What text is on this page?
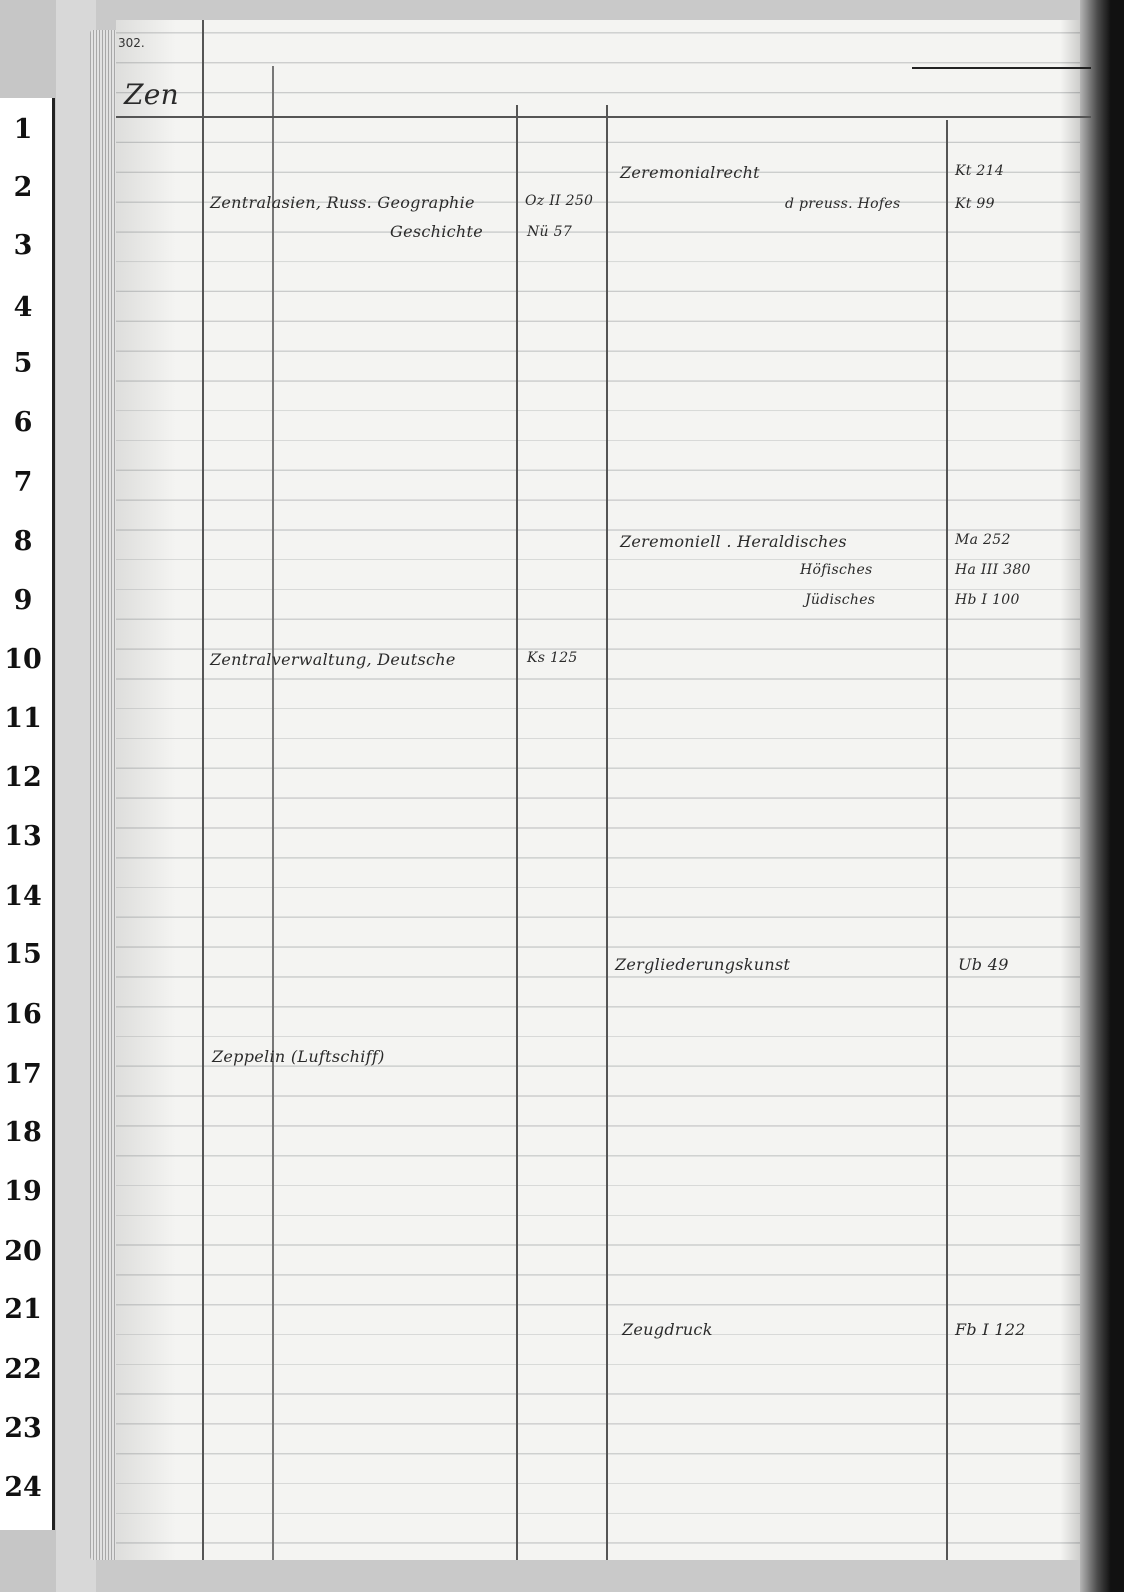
1
2
3
4
5
6
7
8
9
10
11
12
13
14
15
16
17
18
19
20
21
22
23
24
302.
Zen
Zentralasien, Russ. Geographie	Oz II 250
Geschichte	Nü 57
Zentralverwaltung, Deutsche	Ks 125
Zeppelin (Luftschiff)
Zeremonialrecht	Kt 214
d preuss. Hofes	Kt 99
Zeremoniell . Heraldisches	Ma 252
Höfisches	Ha III 380
Jüdisches	Hb I 100
Zergliederungskunst	Ub 49
Zeugdruck	Fb I 122
